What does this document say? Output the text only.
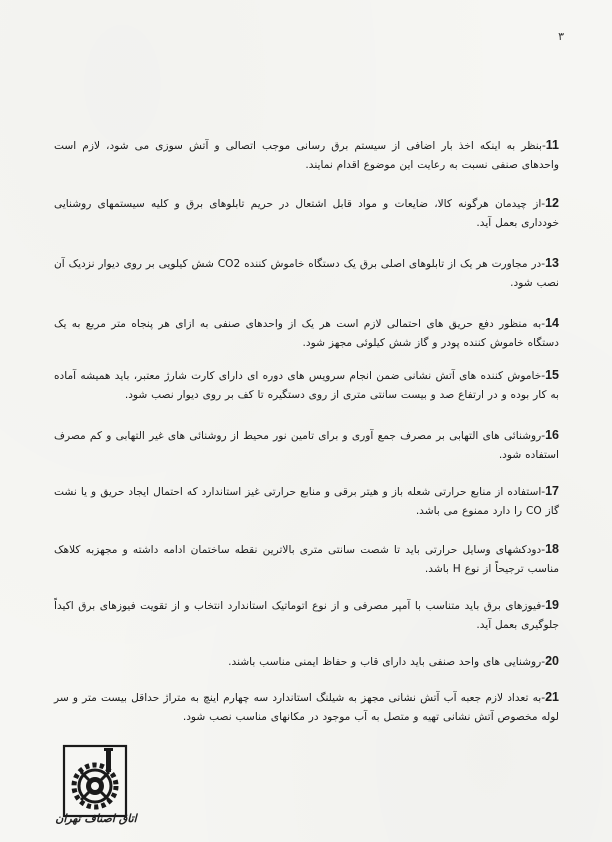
۳
11-بنظر به اینکه اخذ بار اضافی از سیستم برق رسانی موجب اتصالی و آتش سوزی می شود، لازم است واحدهای صنفی نسبت به رعایت این موضوع اقدام نمایند.
12-از چیدمان هرگونه کالا، ضایعات و مواد قابل اشتعال در حریم تابلوهای برق و کلیه سیستمهای روشنایی خودداری بعمل آید.
13-در مجاورت هر یک از تابلوهای اصلی برق یک دستگاه خاموش کننده CO2 شش کیلویی بر روی دیوار نزدیک آن نصب شود.
14-به منظور دفع حریق های احتمالی لازم است هر یک از واحدهای صنفی به ازای هر پنجاه متر مربع به یک دستگاه خاموش کننده پودر و گاز شش کیلوئی مجهز شود.
15-خاموش کننده های آتش نشانی ضمن انجام سرویس های دوره ای دارای کارت شارژ معتبر، باید همیشه آماده به کار بوده و در ارتفاع صد و بیست سانتی متری از روی دستگیره تا کف بر روی دیوار نصب شود.
16-روشنائی های التهابی بر مصرف جمع آوری و برای تامین نور محیط از روشنائی های غیر التهابی و کم مصرف استفاده شود.
17-استفاده از منابع حرارتی شعله باز و هیتر برقی و منابع حرارتی غیز استاندارد که احتمال ایجاد حریق و یا نشت گاز CO را دارد ممنوع می باشد.
18-دودکشهای وسایل حرارتی باید تا شصت سانتی متری بالاترین نقطه ساختمان ادامه داشته و مجهزبه کلاهک مناسب ترجیحاً از نوع H باشد.
19-فیوزهای برق باید متناسب با آمپر مصرفی و از نوع اتوماتیک استاندارد انتخاب و از تقویت فیوزهای برق اکیداً جلوگیری بعمل آید.
20-روشنایی های واحد صنفی باید دارای قاب و حفاظ ایمنی مناسب باشند.
21-به تعداد لازم جعبه آب آتش نشانی مجهز به شیلنگ استاندارد سه چهارم اینچ به متراژ حداقل بیست متر و سر لوله مخصوص آتش نشانی تهیه و متصل به آب موجود در مکانهای مناسب نصب شود.
اتاق اصناف تهران
